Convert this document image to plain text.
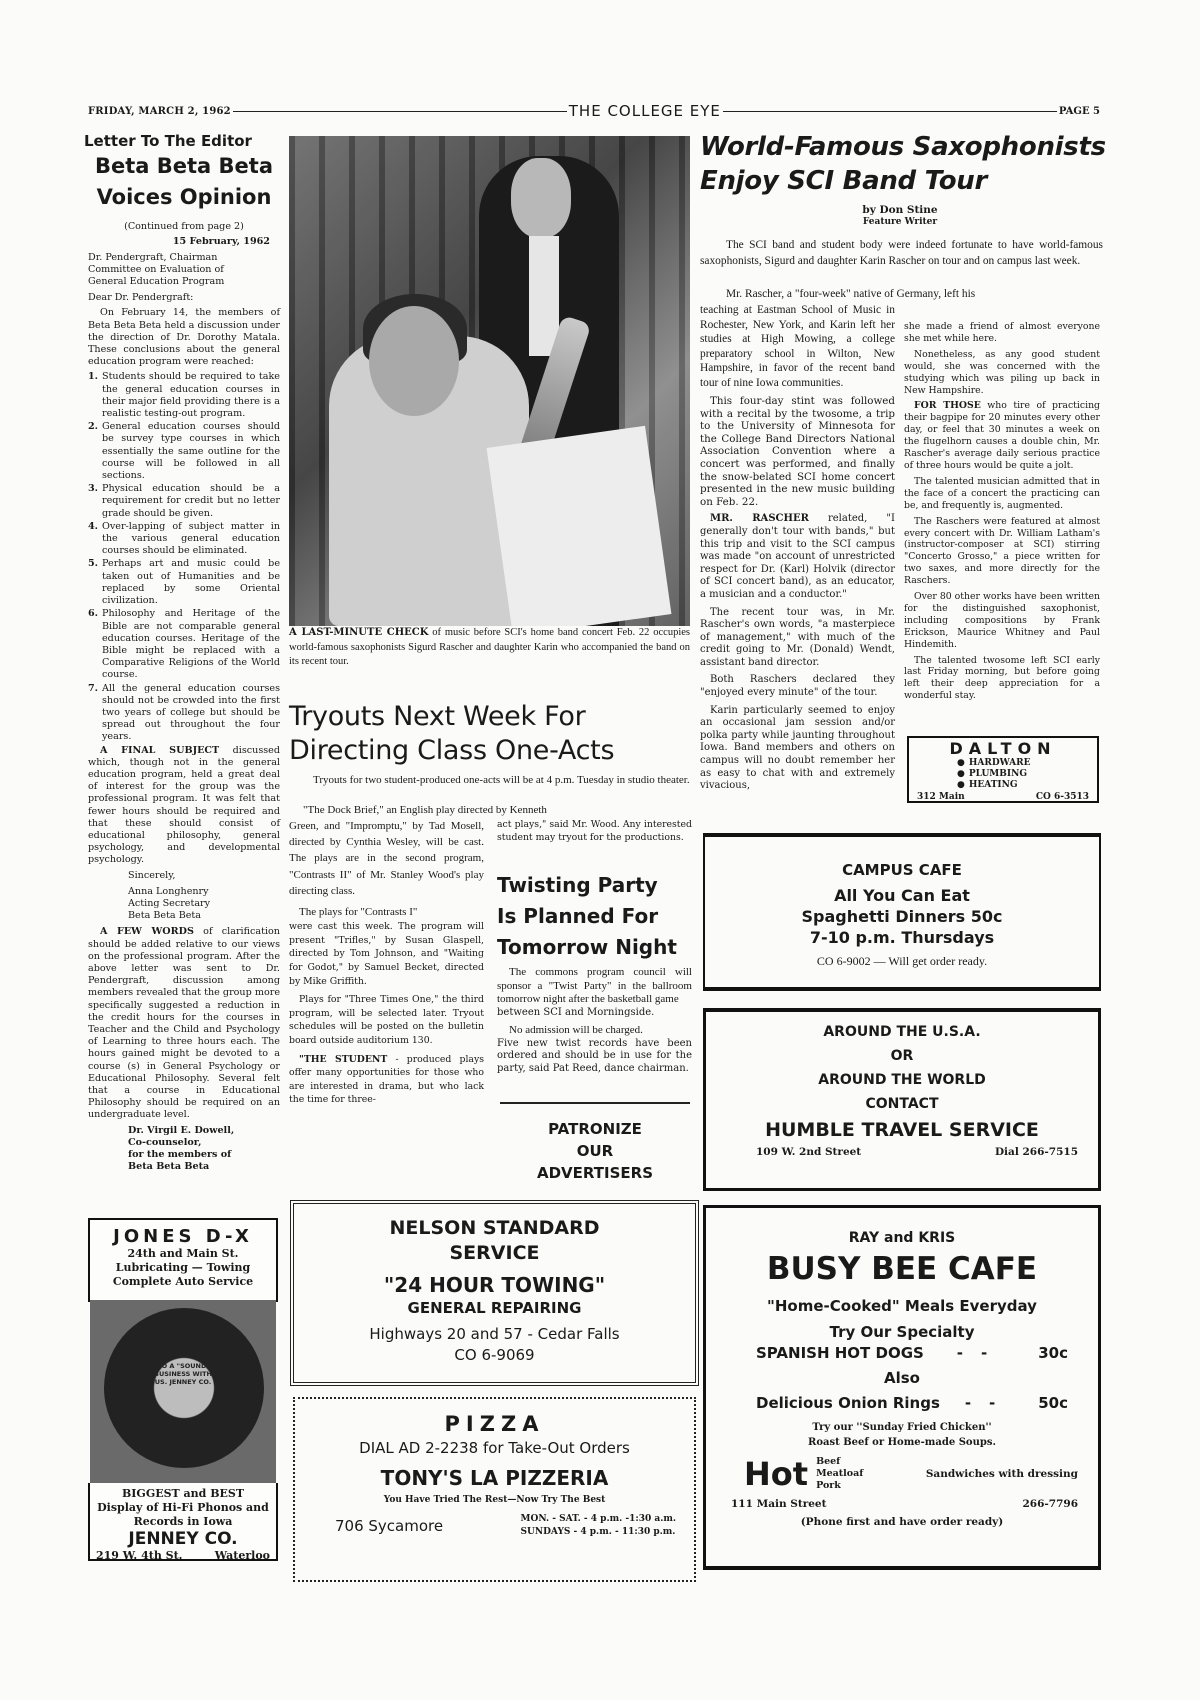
FRIDAY, MARCH 2, 1962	THE COLLEGE EYE	PAGE 5
Letter To The Editor
Beta Beta Beta
Voices Opinion

(Continued from page 2)

15 February, 1962

Dr. Pendergraft, Chairman
Committee on Evaluation of
General Education Program

Dear Dr. Pendergraft:

On February 14, the members of Beta Beta Beta held a discussion under the direction of Dr. Dorothy Matala. These conclusions about the general education program were reached:

1. Students should be required to take the general education courses in their major field providing there is a realistic testing-out program.
2. General education courses should be survey type courses in which essentially the same outline for the course will be followed in all sections.
3. Physical education should be a requirement for credit but no letter grade should be given.
4. Over-lapping of subject matter in the various general education courses should be eliminated.
5. Perhaps art and music could be taken out of Humanities and be replaced by some Oriental civilization.
6. Philosophy and Heritage of the Bible are not comparable general education courses. Heritage of the Bible might be replaced with a Comparative Religions of the World course.
7. All the general education courses should not be crowded into the first two years of college but should be spread out throughout the four years.

A FINAL SUBJECT discussed which, though not in the general education program, held a great deal of interest for the group was the professional program. It was felt that fewer hours should be required and that these should consist of educational philosophy, general psychology, and developmental psychology.

Sincerely,
Anna Longhenry
Acting Secretary
Beta Beta Beta

A FEW WORDS of clarification should be added relative to our views on the professional program. After the above letter was sent to Dr. Pendergraft, discussion among members revealed that the group more specifically suggested a reduction in the credit hours for the courses in Teacher and the Child and Psychology of Learning to three hours each. The hours gained might be devoted to a course (s) in General Psychology or Educational Philosophy. Several felt that a course in Educational Philosophy should be required on an undergraduate level.

Dr. Virgil E. Dowell,
Co-counselor,
for the members of
Beta Beta Beta
JONES D-X
24th and Main St.
Lubricating — Towing
Complete Auto Service
DO A "SOUND" BUSINESS WITH US. JENNEY CO.
BIGGEST and BEST
Display of Hi-Fi Phonos and
Records in Iowa
JENNEY CO.
219 W. 4th St.	Waterloo
A LAST-MINUTE CHECK of music before SCI's home band concert Feb. 22 occupies world-famous saxophonists Sigurd Rascher and daughter Karin who accompanied the band on its recent tour.
Tryouts Next Week For
Directing Class One-Acts
Tryouts for two student-produced one-acts will be at 4 p.m. Tuesday in studio theater.
"The Dock Brief," an English play directed by Kenneth

Green, and "Impromptu," by Tad Mosell, directed by Cynthia Wesley, will be cast. The plays are in the second program, "Contrasts II" of Mr. Stanley Wood's play directing class.

The plays for "Contrasts I"

were cast this week. The program will present "Trifles," by Susan Glaspell, directed by Tom Johnson, and "Waiting for Godot," by Samuel Becket, directed by Mike Griffith.

Plays for "Three Times One," the third program, will be selected later. Tryout schedules will be posted on the bulletin board outside auditorium 130.

"THE STUDENT - produced plays offer many opportunities for those who are interested in drama, but who lack the time for three-

act plays," said Mr. Wood. Any interested student may tryout for the productions.
Twisting Party
Is Planned For
Tomorrow Night

The commons program council will sponsor a "Twist Party" in the ballroom tomorrow night after the basketball game

between SCI and Morningside.

No admission will be charged.

Five new twist records have been ordered and should be in use for the party, said Pat Reed, dance chairman.

PATRONIZE
OUR
ADVERTISERS
NELSON STANDARD
SERVICE
"24 HOUR TOWING"
GENERAL REPAIRING
Highways 20 and 57 - Cedar Falls
CO 6-9069
PIZZA
DIAL AD 2-2238 for Take-Out Orders
TONY'S LA PIZZERIA
You Have Tried The Rest—Now Try The Best
706 Sycamore	MON. - SAT. - 4 p.m. -1:30 a.m.
SUNDAYS - 4 p.m. - 11:30 p.m.
World-Famous Saxophonists
Enjoy SCI Band Tour
by Don Stine
Feature Writer
The SCI band and student body were indeed fortunate to have world-famous saxophonists, Sigurd and daughter Karin Rascher on tour and on campus last week.
Mr. Rascher, a "four-week" native of Germany, left his

teaching at Eastman School of Music in Rochester, New York, and Karin left her studies at High Mowing, a college preparatory school in Wilton, New Hampshire, in favor of the recent band tour of nine Iowa communities.

This four-day stint was followed with a recital by the twosome, a trip to the University of Minnesota for the College Band Directors National Association Convention where a concert was performed, and finally the snow-belated SCI home concert presented in the new music building on Feb. 22.

MR. RASCHER related, "I generally don't tour with bands," but this trip and visit to the SCI campus was made "on account of unrestricted respect for Dr. (Karl) Holvik (director of SCI concert band), as an educator, a musician and a conductor."

The recent tour was, in Mr. Rascher's own words, "a masterpiece of management," with much of the credit going to Mr. (Donald) Wendt, assistant band director.

Both Raschers declared they "enjoyed every minute" of the tour.

Karin particularly seemed to enjoy an occasional jam session and/or polka party while jaunting throughout Iowa. Band members and others on campus will no doubt remember her as easy to chat with and extremely vivacious,

she made a friend of almost everyone she met while here.

Nonetheless, as any good student would, she was concerned with the studying which was piling up back in New Hampshire.

FOR THOSE who tire of practicing their bagpipe for 20 minutes every other day, or feel that 30 minutes a week on the flugelhorn causes a double chin, Mr. Rascher's average daily serious practice of three hours would be quite a jolt.

The talented musician admitted that in the face of a concert the practicing can be, and frequently is, augmented.

The Raschers were featured at almost every concert with Dr. William Latham's (instructor-composer at SCI) stirring "Concerto Grosso," a piece written for two saxes, and more directly for the Raschers.

Over 80 other works have been written for the distinguished saxophonist, including compositions by Frank Erickson, Maurice Whitney and Paul Hindemith.

The talented twosome left SCI early last Friday morning, but before going left their deep appreciation for a wonderful stay.

DALTON
● HARDWARE
● PLUMBING
● HEATING
312 Main	CO 6-3513
CAMPUS CAFE
All You Can Eat
Spaghetti Dinners 50c
7-10 p.m. Thursdays
CO 6-9002 — Will get order ready.
AROUND THE U.S.A.
OR
AROUND THE WORLD
CONTACT
HUMBLE TRAVEL SERVICE
109 W. 2nd Street	Dial 266-7515
RAY and KRIS
BUSY BEE CAFE
"Home-Cooked" Meals Everyday
Try Our Specialty
SPANISH HOT DOGS -- 30c
Also
Delicious Onion Rings -- 50c
Try our ''Sunday Fried Chicken''
Roast Beef or Home-made Soups.
Hot Beef
Meatloaf
Pork
Sandwiches with dressing
111 Main Street	266-7796
(Phone first and have order ready)
